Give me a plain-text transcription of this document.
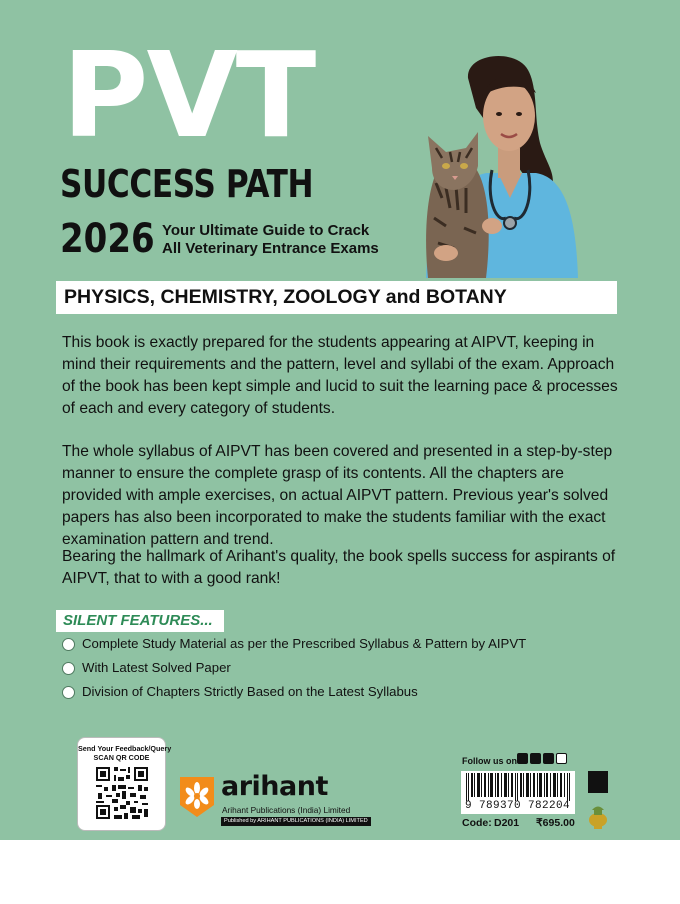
PVT
SUCCESS PATH
2026 Your Ultimate Guide to Crack
All Veterinary Entrance Exams
PHYSICS, CHEMISTRY, ZOOLOGY and BOTANY

This book is exactly prepared for the students appearing at AIPVT, keeping in mind their requirements and the pattern, level and syllabi of the exam. Approach of the book has been kept simple and lucid to suit the learning pace & processes of each and every category of students.

The whole syllabus of AIPVT has been covered and presented in a step-by-step manner to ensure the complete grasp of its contents. All the chapters are provided with ample exercises, on actual AIPVT pattern. Previous year's solved papers has also been incorporated to make the students familiar with the exact examination pattern and trend.

Bearing the hallmark of Arihant's quality, the book spells success for aspirants of AIPVT, that to with a good rank!

SILENT FEATURES...
Complete Study Material as per the Prescribed Syllabus & Pattern by AIPVT
With Latest Solved Paper
Division of Chapters Strictly Based on the Latest Syllabus
Send Your Feedback/Query
SCAN QR CODE
arihant
Arihant Publications (India) Limited
Published by ARIHANT PUBLICATIONS (INDIA) LIMITED
Follow us on
9 789370 782204
Code: D201 ₹695.00
